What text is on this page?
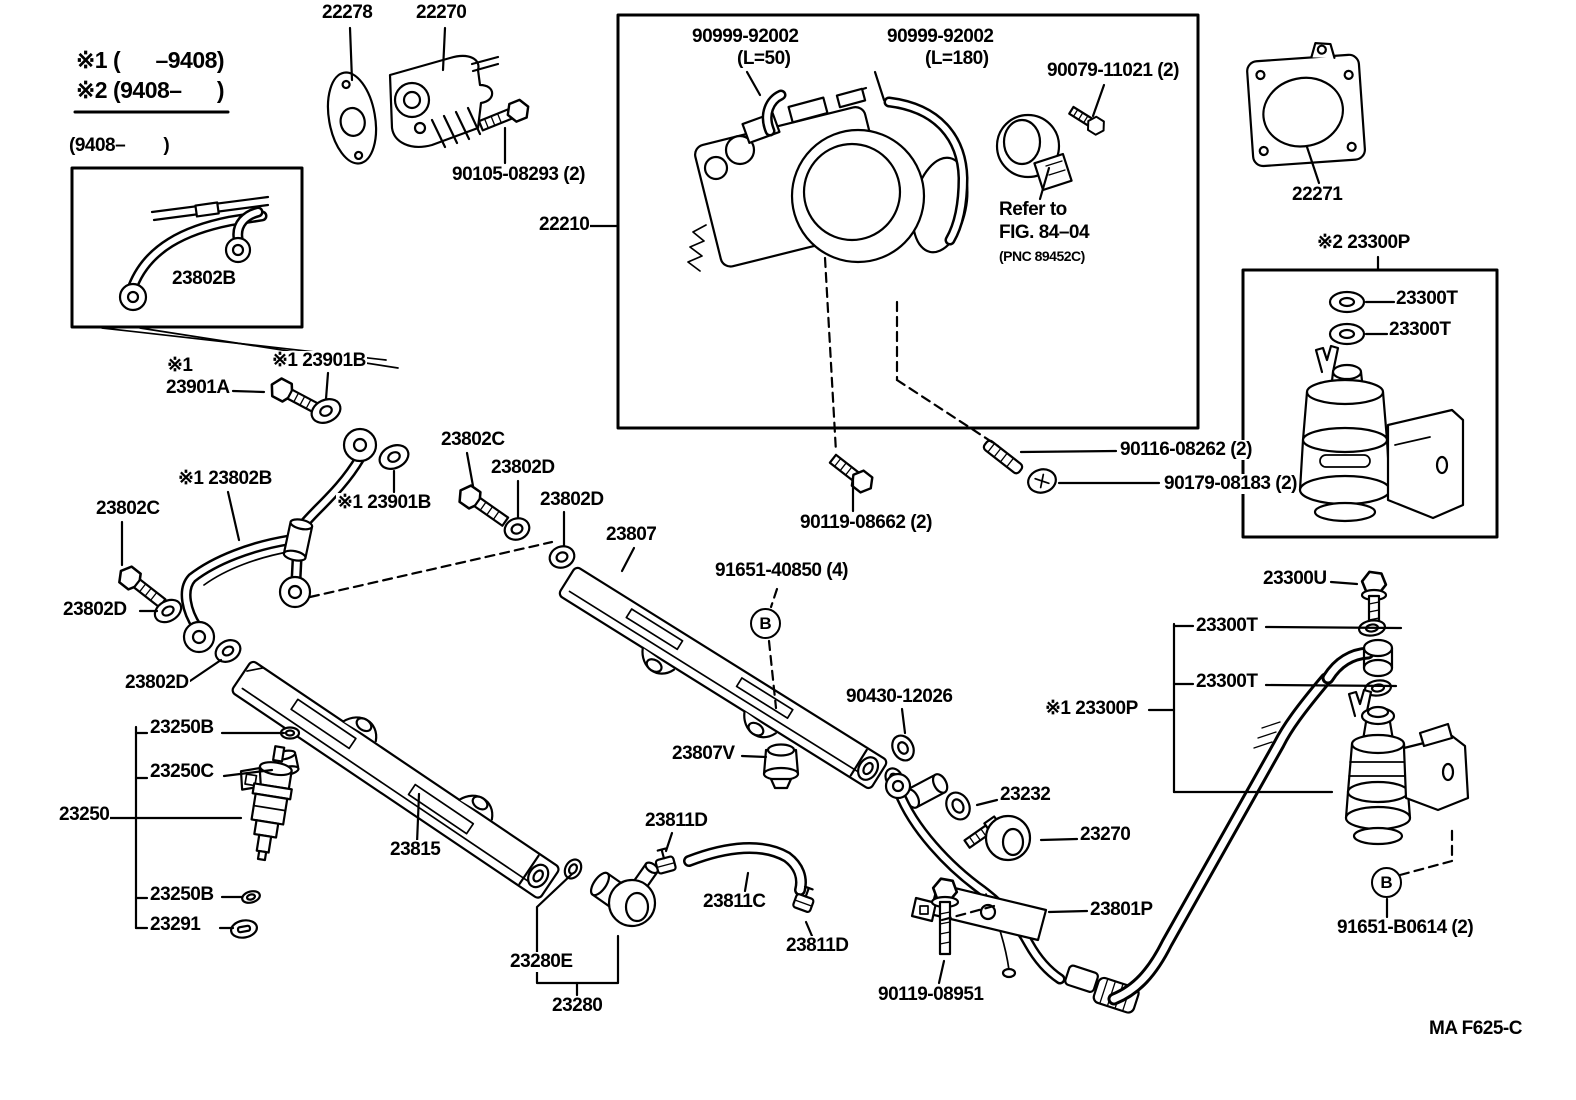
※1 (      –9408)
※2 (9408–      )
(9408–        )
23802B
22278 22270
90105-08293 (2)
22210
90999-92002
(L=50)
90999-92002
(L=180)
90079-11021 (2)
Refer to
FIG. 84–04
(PNC 89452C)
22271
※2 23300P
23300T
23300T
※1
23901A
※1 23901B
※1 23802B
23802C
23802D
23802D
※1 23901B
23802C
23802D
23802D
23807
91651-40850 (4)
90430-12026
23807V
23250B
23250C
23250
23250B
23291
23815
23280E
23280
23811D
23811C
23811D
23232
23270
23801P
90119-08951
90119-08662 (2)
90116-08262 (2)
90179-08183 (2)
23300U
23300T
23300T
※1 23300P
91651-B0614 (2)
MA F625-C
B
B
